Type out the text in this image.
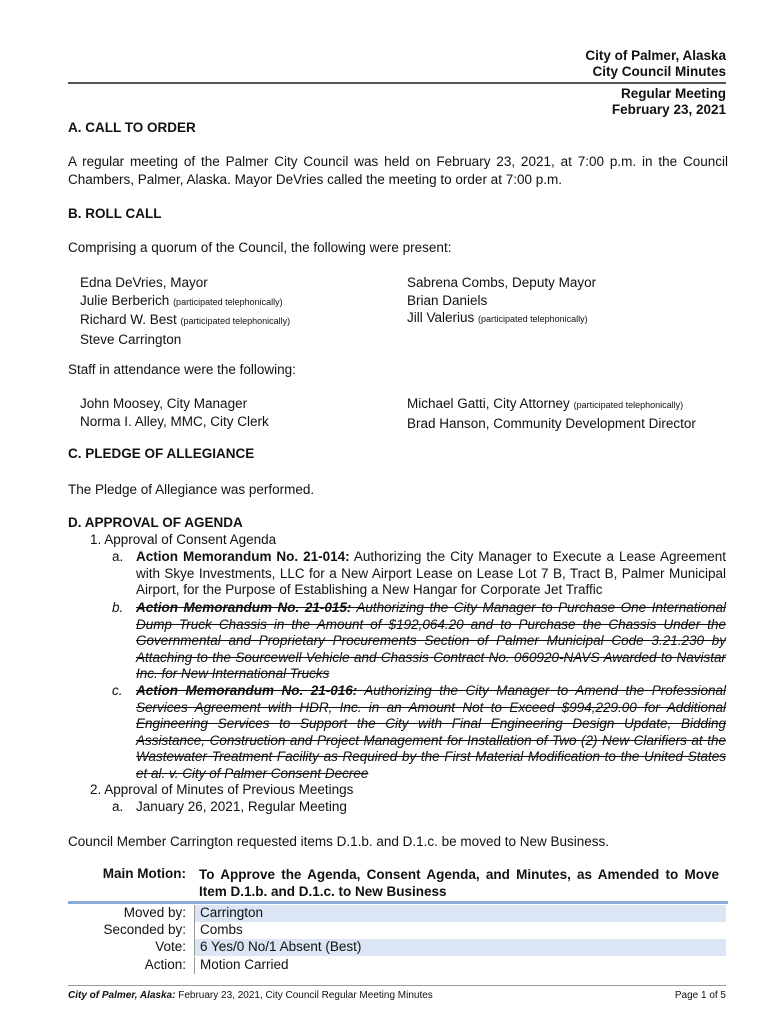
City of Palmer, Alaska
City Council Minutes
Regular Meeting
February 23, 2021
A. CALL TO ORDER
A regular meeting of the Palmer City Council was held on February 23, 2021, at 7:00 p.m. in the Council Chambers, Palmer, Alaska. Mayor DeVries called the meeting to order at 7:00 p.m.
B. ROLL CALL
Comprising a quorum of the Council, the following were present:
Edna DeVries, Mayor
Julie Berberich (participated telephonically)
Richard W. Best (participated telephonically)
Steve Carrington
Sabrena Combs, Deputy Mayor
Brian Daniels
Jill Valerius (participated telephonically)
Staff in attendance were the following:
John Moosey, City Manager
Norma I. Alley, MMC, City Clerk
Michael Gatti, City Attorney (participated telephonically)
Brad Hanson, Community Development Director
C. PLEDGE OF ALLEGIANCE
The Pledge of Allegiance was performed.
D. APPROVAL OF AGENDA
1. Approval of Consent Agenda
a. Action Memorandum No. 21-014: Authorizing the City Manager to Execute a Lease Agreement with Skye Investments, LLC for a New Airport Lease on Lease Lot 7 B, Tract B, Palmer Municipal Airport, for the Purpose of Establishing a New Hangar for Corporate Jet Traffic
b. Action Memorandum No. 21-015: Authorizing the City Manager to Purchase One International Dump Truck Chassis in the Amount of $192,064.20 and to Purchase the Chassis Under the Governmental and Proprietary Procurements Section of Palmer Municipal Code 3.21.230 by Attaching to the Sourcewell Vehicle and Chassis Contract No. 060920-NAVS Awarded to Navistar Inc. for New International Trucks
c. Action Memorandum No. 21-016: Authorizing the City Manager to Amend the Professional Services Agreement with HDR, Inc. in an Amount Not to Exceed $994,229.00 for Additional Engineering Services to Support the City with Final Engineering Design Update, Bidding Assistance, Construction and Project Management for Installation of Two (2) New Clarifiers at the Wastewater Treatment Facility as Required by the First Material Modification to the United States et al. v. City of Palmer Consent Decree
2. Approval of Minutes of Previous Meetings
a. January 26, 2021, Regular Meeting
Council Member Carrington requested items D.1.b. and D.1.c. be moved to New Business.
Main Motion: To Approve the Agenda, Consent Agenda, and Minutes, as Amended to Move Item D.1.b. and D.1.c. to New Business
Moved by:	Carrington
Seconded by:	Combs
Vote:	6 Yes/0 No/1 Absent (Best)
Action:	Motion Carried
City of Palmer, Alaska: February 23, 2021, City Council Regular Meeting Minutes	Page 1 of 5
